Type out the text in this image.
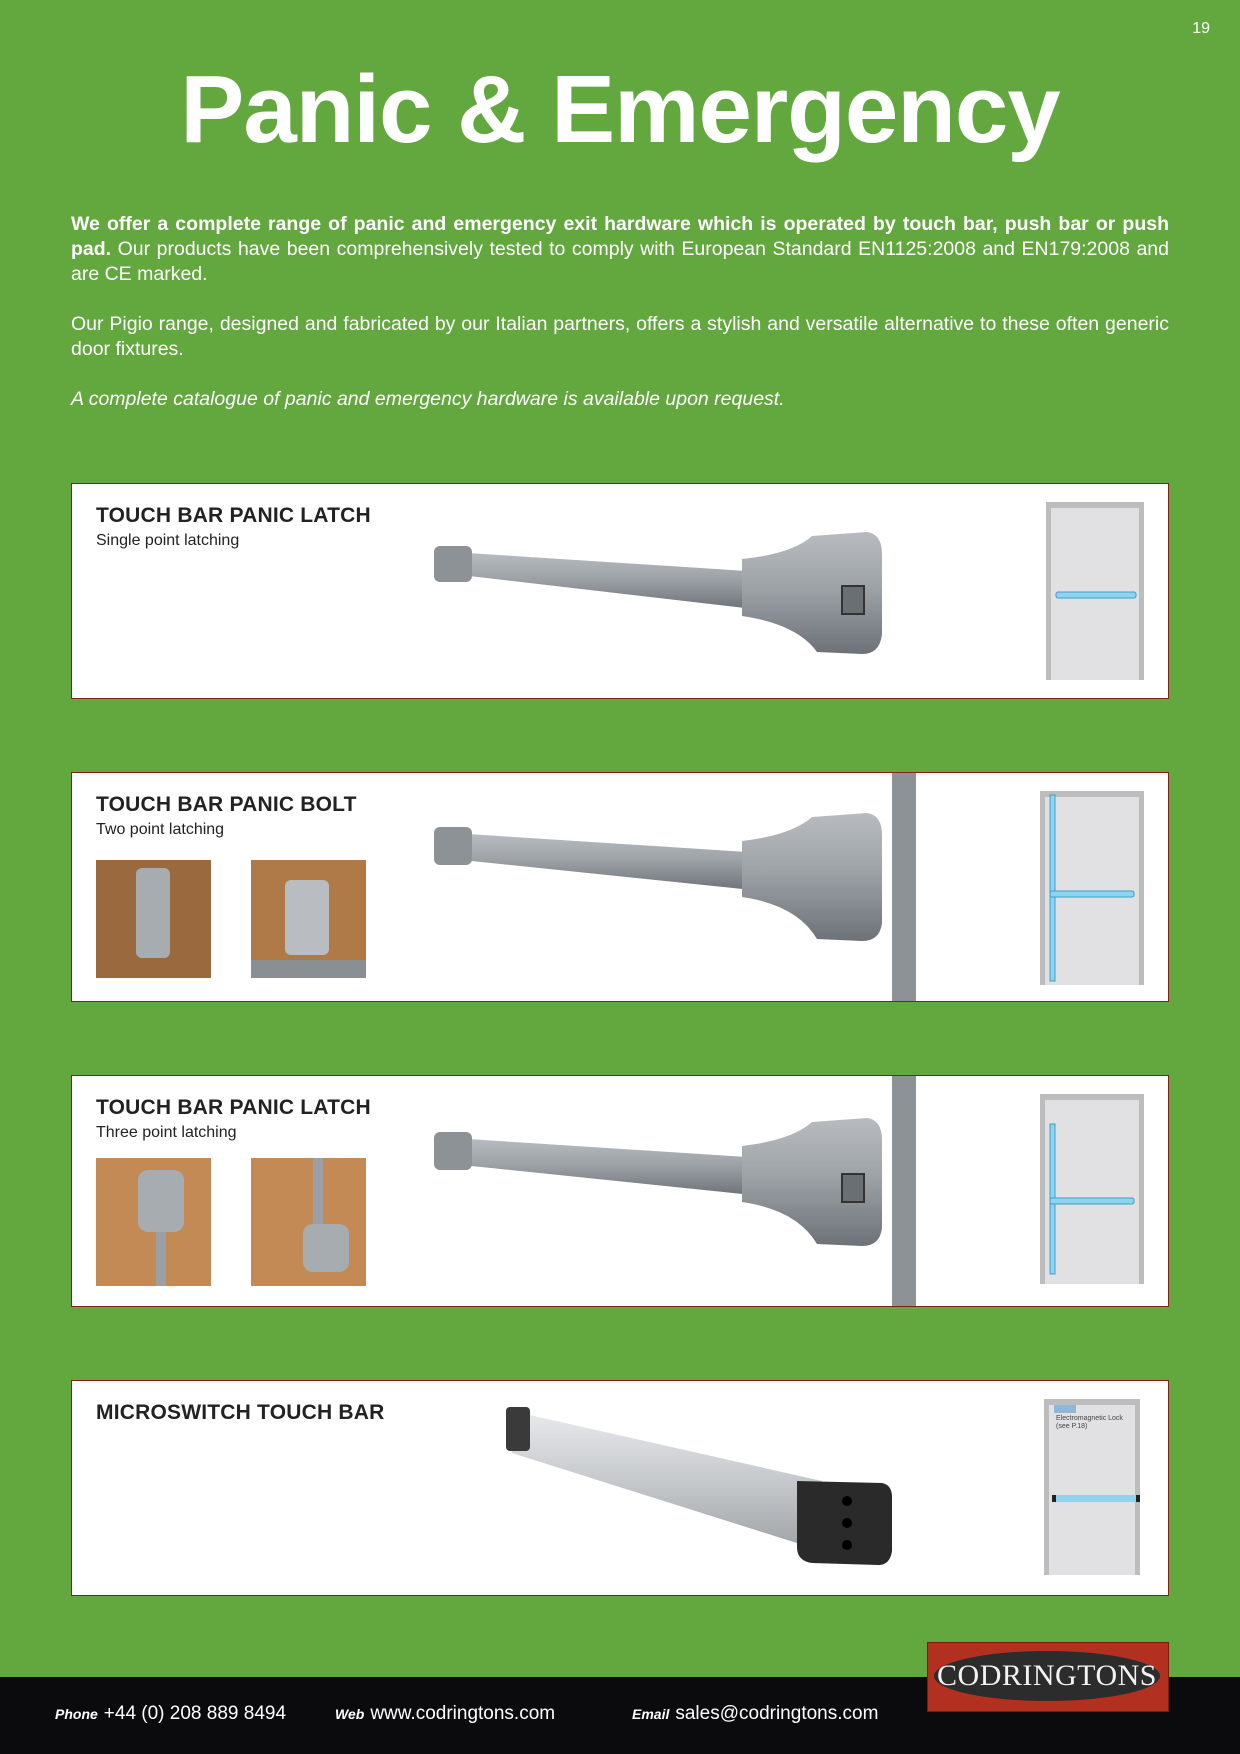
19
Panic & Emergency

We offer a complete range of panic and emergency exit hardware which is operated by touch bar, push bar or push pad. Our products have been comprehensively tested to comply with European Standard EN1125:2008 and EN179:2008 and are CE marked.

Our Pigio range, designed and fabricated by our Italian partners, offers a stylish and versatile alternative to these often generic door fixtures.

A complete catalogue of panic and emergency hardware is available upon request.

TOUCH BAR PANIC LATCH
Single point latching
TOUCH BAR PANIC BOLT
Two point latching
TOUCH BAR PANIC LATCH
Three point latching
MICROSWITCH TOUCH BAR	Electromagnetic Lock (see P.18)
Phone +44 (0) 208 889 8494	Web www.codringtons.com	Email sales@codringtons.com
CODRINGTONS
